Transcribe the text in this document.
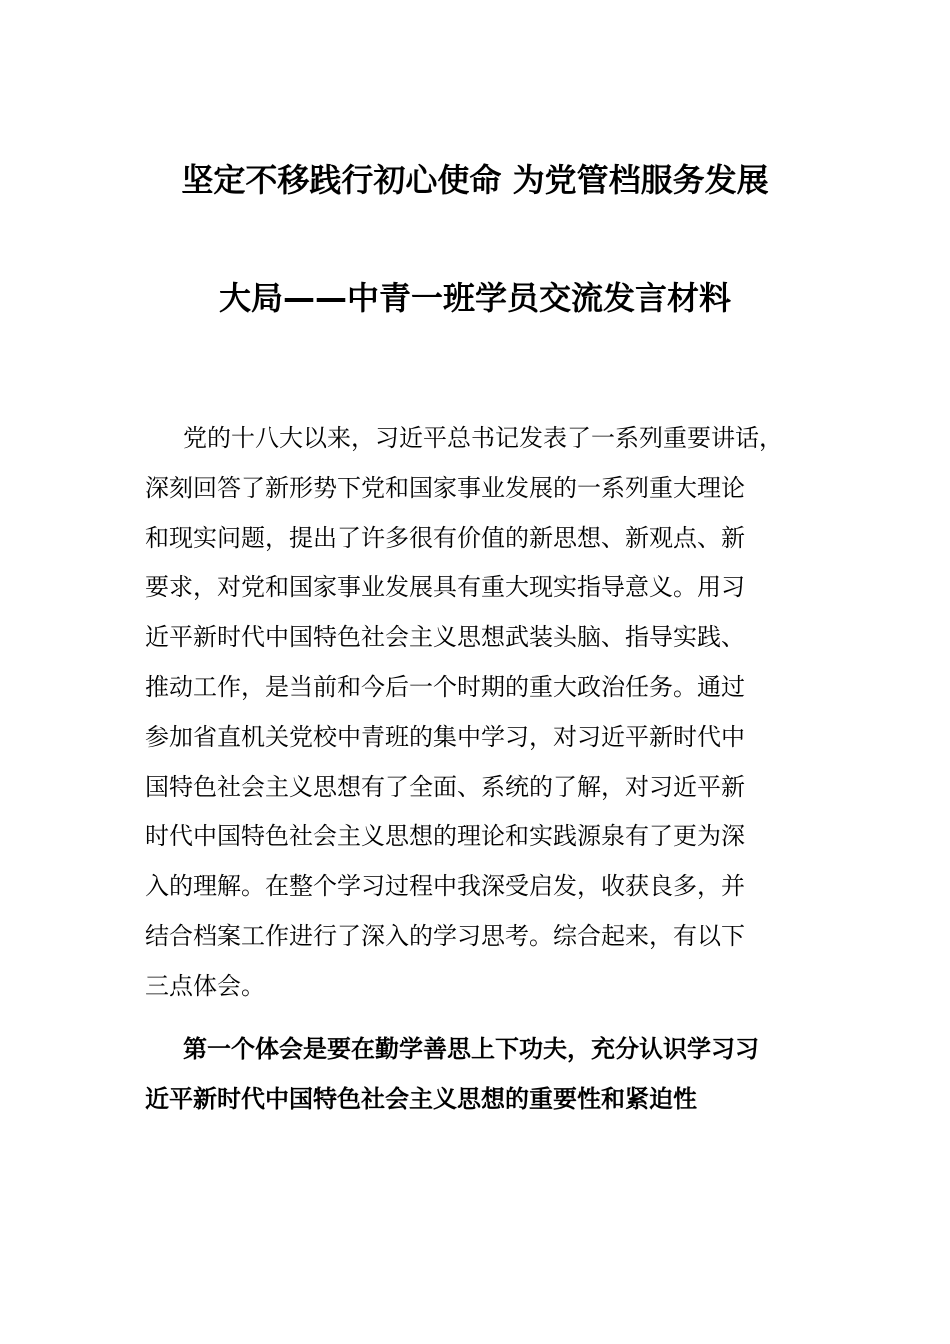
坚定不移践行初心使命 为党管档服务发展
大局——中青一班学员交流发言材料
党的十八大以来，习近平总书记发表了一系列重要讲话，
深刻回答了新形势下党和国家事业发展的一系列重大理论
和现实问题，提出了许多很有价值的新思想、新观点、新
要求，对党和国家事业发展具有重大现实指导意义。用习
近平新时代中国特色社会主义思想武装头脑、指导实践、
推动工作，是当前和今后一个时期的重大政治任务。通过
参加省直机关党校中青班的集中学习，对习近平新时代中
国特色社会主义思想有了全面、系统的了解，对习近平新
时代中国特色社会主义思想的理论和实践源泉有了更为深
入的理解。在整个学习过程中我深受启发，收获良多，并
结合档案工作进行了深入的学习思考。综合起来，有以下
三点体会。
第一个体会是要在勤学善思上下功夫，充分认识学习习
近平新时代中国特色社会主义思想的重要性和紧迫性
